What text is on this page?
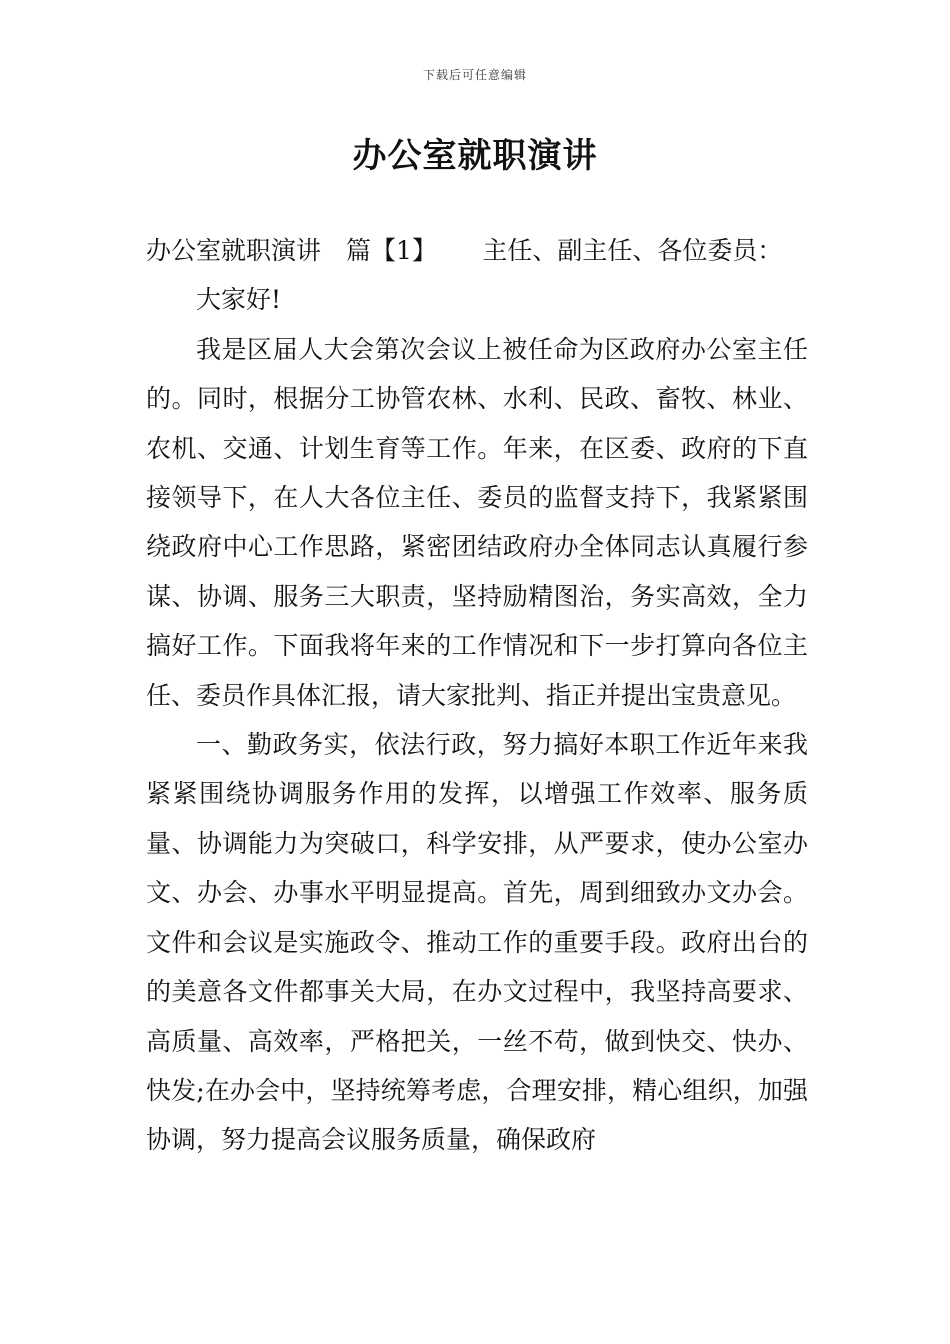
下载后可任意编辑
办公室就职演讲

办公室就职演讲　篇【1】　　 主任、副主任、各位委员：

大家好!

我是区届人大会第次会议上被任命为区政府办公室主任的。同时，根据分工协管农林、水利、民政、畜牧、林业、农机、交通、计划生育等工作。年来，在区委、政府的下直接领导下，在人大各位主任、委员的监督支持下，我紧紧围绕政府中心工作思路，紧密团结政府办全体同志认真履行参谋、协调、服务三大职责，坚持励精图治，务实高效，全力搞好工作。下面我将年来的工作情况和下一步打算向各位主任、委员作具体汇报，请大家批判、指正并提出宝贵意见。

一、勤政务实，依法行政，努力搞好本职工作近年来我紧紧围绕协调服务作用的发挥，以增强工作效率、服务质量、协调能力为突破口，科学安排，从严要求，使办公室办文、办会、办事水平明显提高。首先，周到细致办文办会。文件和会议是实施政令、推动工作的重要手段。政府出台的的美意各文件都事关大局，在办文过程中，我坚持高要求、高质量、高效率，严格把关，一丝不苟，做到快交、快办、快发;在办会中，坚持统筹考虑，合理安排，精心组织，加强协调，努力提高会议服务质量，确保政府
